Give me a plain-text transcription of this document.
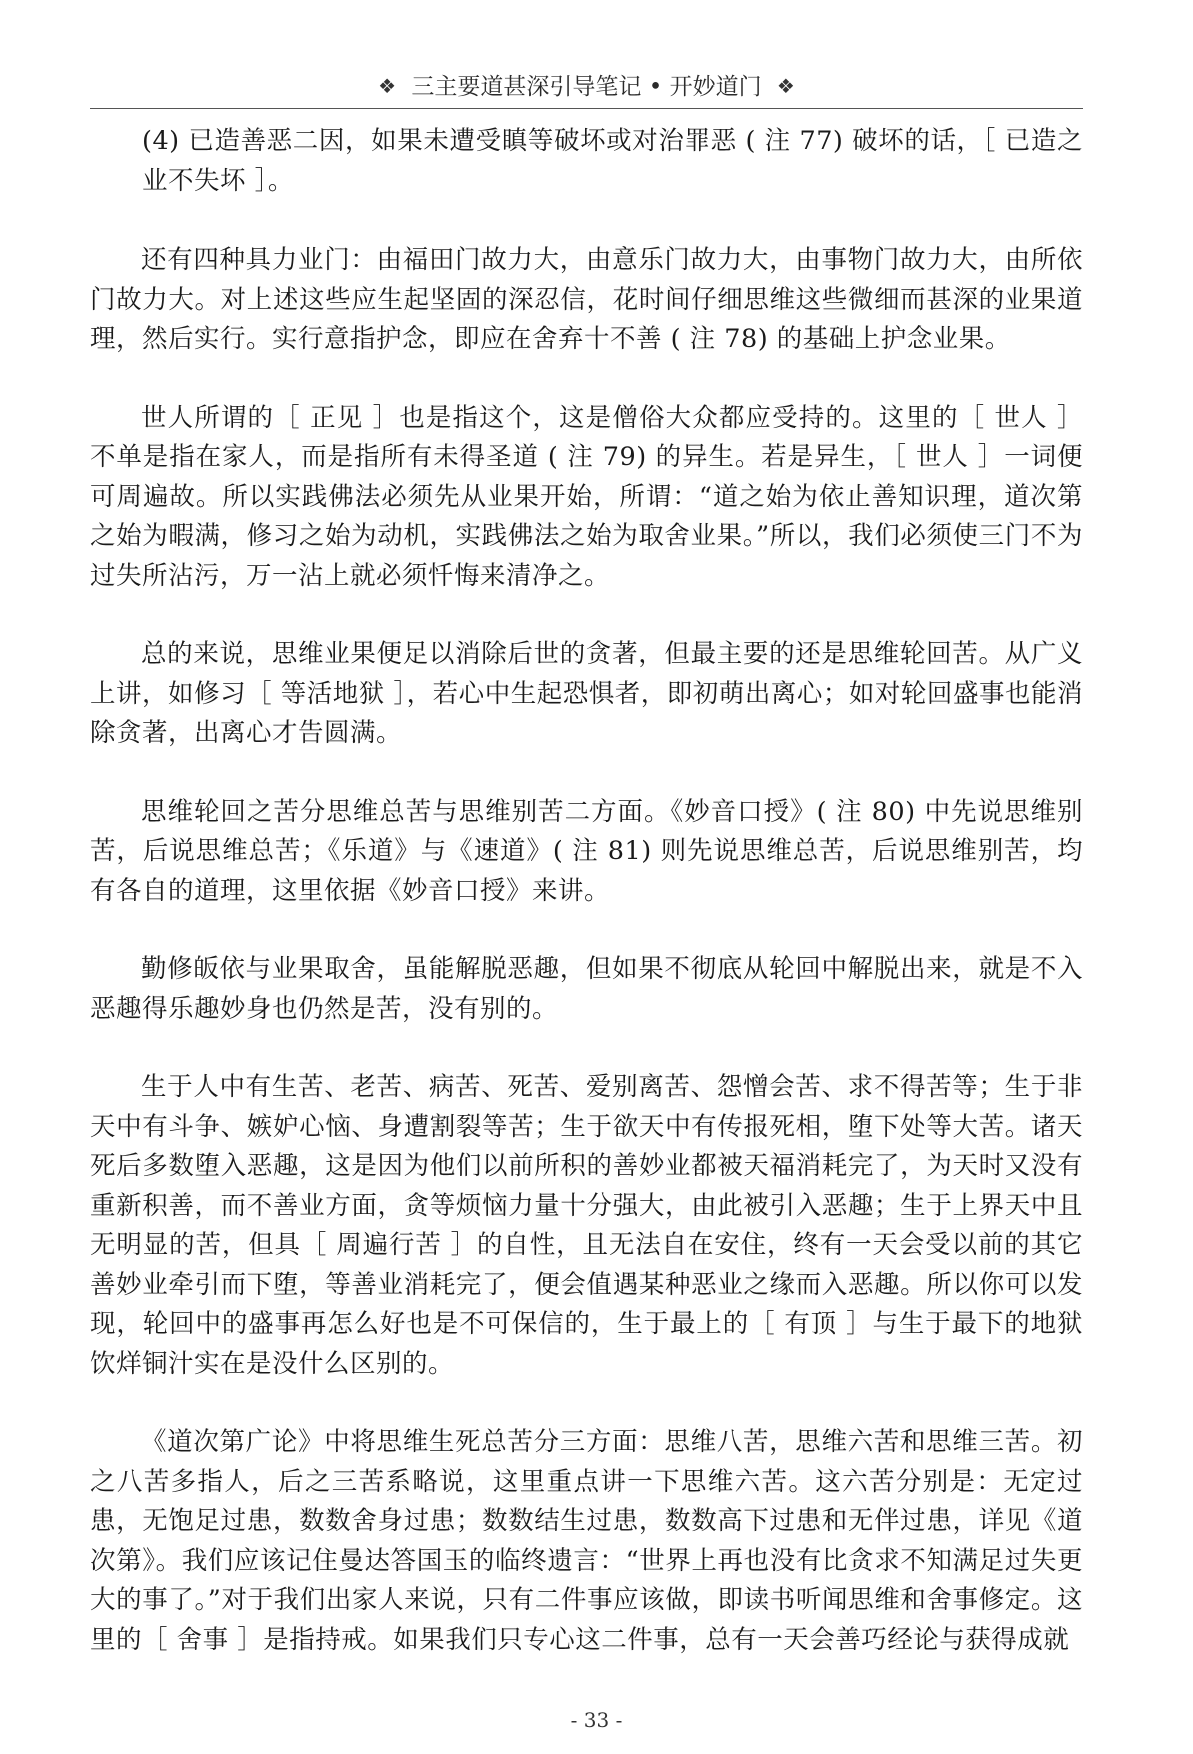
❖ 三主要道甚深引导笔记 • 开妙道门 ❖

(4) 已造善恶二因，如果未遭受瞋等破坏或对治罪恶 ( 注 77) 破坏的话，［ 已造之业不失坏 ］。

还有四种具力业门：由福田门故力大，由意乐门故力大，由事物门故力大，由所依门故力大。对上述这些应生起坚固的深忍信，花时间仔细思维这些微细而甚深的业果道理，然后实行。实行意指护念，即应在舍弃十不善 ( 注 78) 的基础上护念业果。

世人所谓的［ 正见 ］也是指这个，这是僧俗大众都应受持的。这里的［ 世人 ］不单是指在家人，而是指所有未得圣道 ( 注 79) 的异生。若是异生，［ 世人 ］一词便可周遍故。所以实践佛法必须先从业果开始，所谓：“道之始为依止善知识理，道次第之始为暇满，修习之始为动机，实践佛法之始为取舍业果。”所以，我们必须使三门不为过失所沾污，万一沾上就必须忏悔来清净之。

总的来说，思维业果便足以消除后世的贪著，但最主要的还是思维轮回苦。从广义上讲，如修习［ 等活地狱 ］，若心中生起恐惧者，即初萌出离心；如对轮回盛事也能消除贪著，出离心才告圆满。

思维轮回之苦分思维总苦与思维别苦二方面。《妙音口授》( 注 80) 中先说思维别苦，后说思维总苦；《乐道》与《速道》( 注 81) 则先说思维总苦，后说思维别苦，均有各自的道理，这里依据《妙音口授》来讲。

勤修皈依与业果取舍，虽能解脱恶趣，但如果不彻底从轮回中解脱出来，就是不入恶趣得乐趣妙身也仍然是苦，没有别的。

生于人中有生苦、老苦、病苦、死苦、爱别离苦、怨憎会苦、求不得苦等；生于非天中有斗争、嫉妒心恼、身遭割裂等苦；生于欲天中有传报死相，堕下处等大苦。诸天死后多数堕入恶趣，这是因为他们以前所积的善妙业都被天福消耗完了，为天时又没有重新积善，而不善业方面，贪等烦恼力量十分强大，由此被引入恶趣；生于上界天中且无明显的苦，但具［ 周遍行苦 ］的自性，且无法自在安住，终有一天会受以前的其它善妙业牵引而下堕，等善业消耗完了，便会值遇某种恶业之缘而入恶趣。所以你可以发现，轮回中的盛事再怎么好也是不可保信的，生于最上的［ 有顶 ］与生于最下的地狱饮烊铜汁实在是没什么区别的。

《道次第广论》中将思维生死总苦分三方面：思维八苦，思维六苦和思维三苦。初之八苦多指人，后之三苦系略说，这里重点讲一下思维六苦。这六苦分别是：无定过患，无饱足过患，数数舍身过患；数数结生过患，数数高下过患和无伴过患，详见《道次第》。我们应该记住曼达答国玉的临终遗言：“世界上再也没有比贪求不知满足过失更大的事了。”对于我们出家人来说，只有二件事应该做，即读书听闻思维和舍事修定。这里的［ 舍事 ］是指持戒。如果我们只专心这二件事，总有一天会善巧经论与获得成就

- 33 -
